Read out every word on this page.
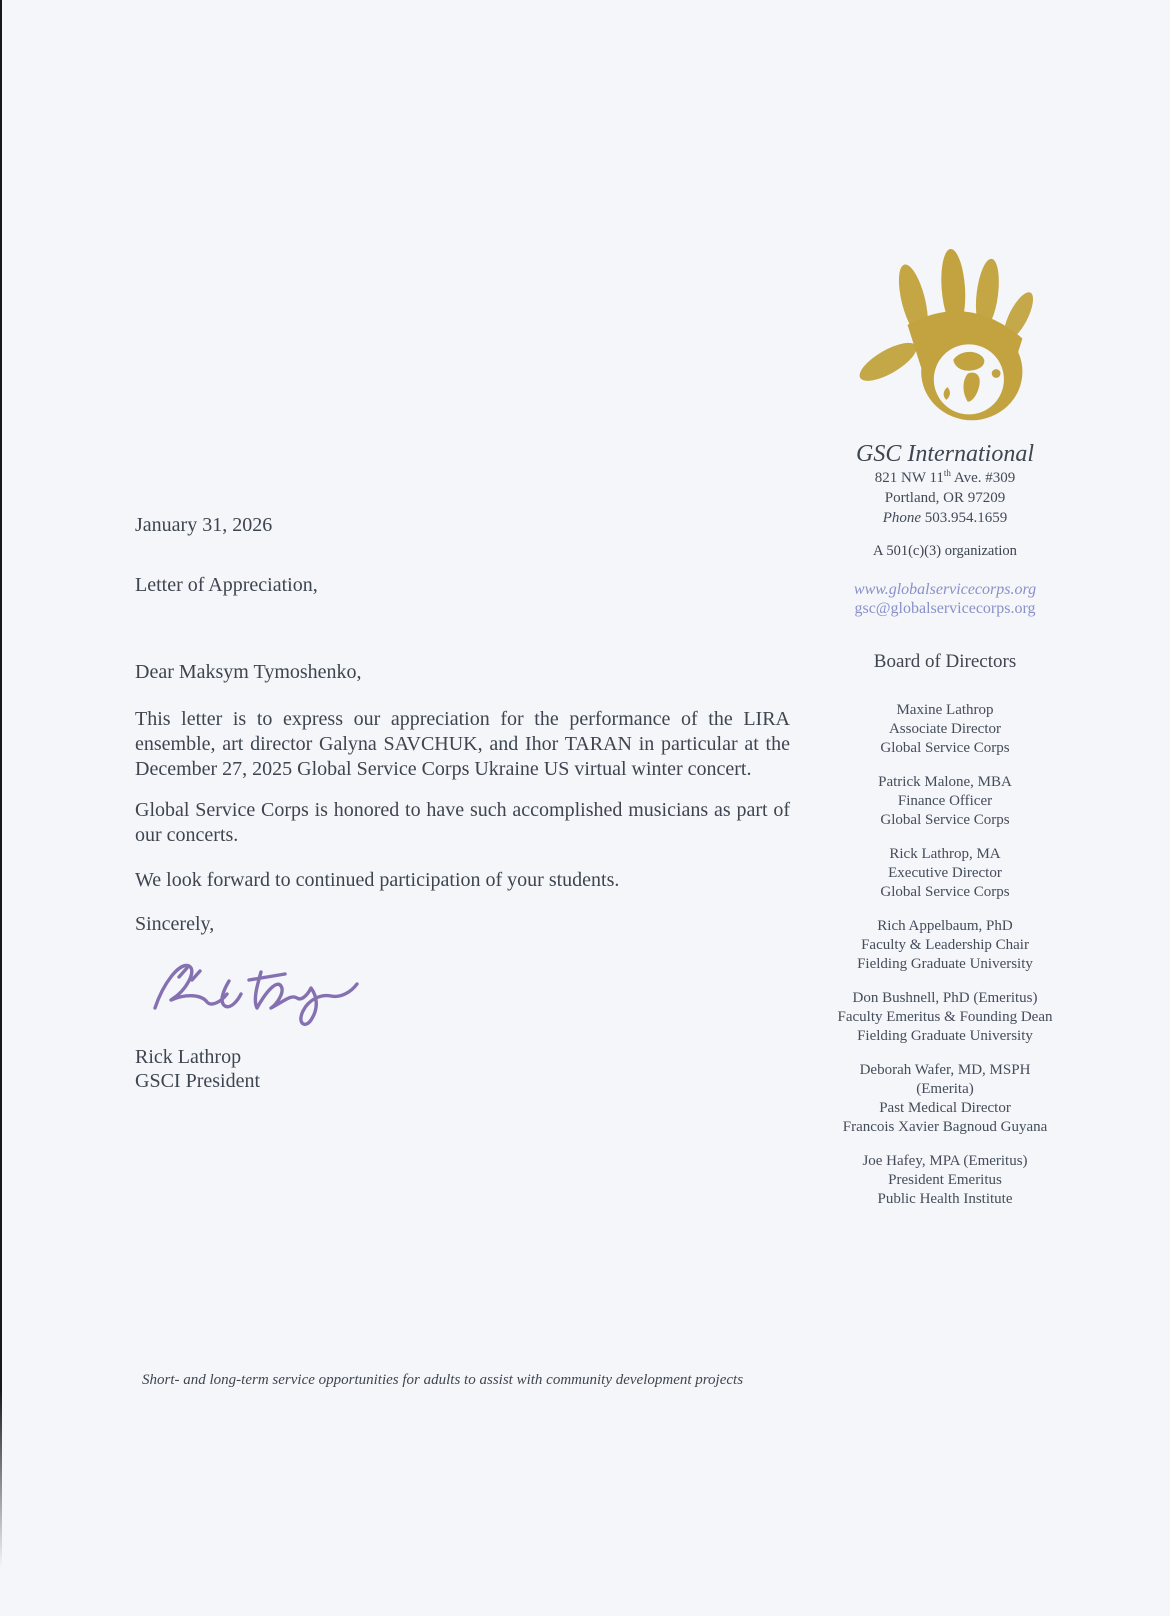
GSC International
821 NW 11th Ave. #309
Portland, OR 97209
Phone 503.954.1659
A 501(c)(3) organization
www.globalservicecorps.org
gsc@globalservicecorps.org
Board of Directors
Maxine Lathrop
Associate Director
Global Service Corps
Patrick Malone, MBA
Finance Officer
Global Service Corps
Rick Lathrop, MA
Executive Director
Global Service Corps
Rich Appelbaum, PhD
Faculty & Leadership Chair
Fielding Graduate University
Don Bushnell, PhD (Emeritus)
Faculty Emeritus & Founding Dean
Fielding Graduate University
Deborah Wafer, MD, MSPH
(Emerita)
Past Medical Director
Francois Xavier Bagnoud Guyana
Joe Hafey, MPA (Emeritus)
President Emeritus
Public Health Institute

January 31, 2026

Letter of Appreciation,

Dear Maksym Tymoshenko,

This letter is to express our appreciation for the performance of the LIRA ensemble, art director Galyna SAVCHUK, and Ihor TARAN in particular at the December 27, 2025 Global Service Corps Ukraine US virtual winter concert.

Global Service Corps is honored to have such accomplished musicians as part of our concerts.

We look forward to continued participation of your students.

Sincerely,

Rick Lathrop
GSCI President
Short- and long-term service opportunities for adults to assist with community development projects
